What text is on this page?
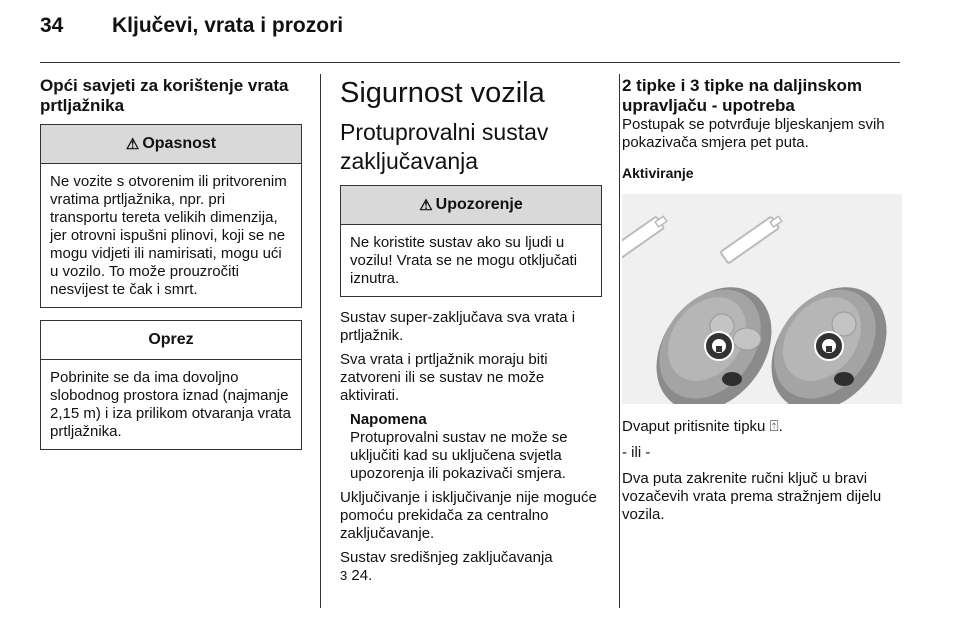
34 Ključevi, vrata i prozori
Opći savjeti za korištenje vrata prtljažnika
⚠ Opasnost
Ne vozite s otvorenim ili pritvorenim vratima prtljažnika, npr. pri transportu tereta velikih dimenzija, jer otrovni ispušni plinovi, koji se ne mogu vidjeti ili namirisati, mogu ući u vozilo. To može prouzročiti nesvijest te čak i smrt.
Oprez
Pobrinite se da ima dovoljno slobodnog prostora iznad (najmanje 2,15 m) i iza prilikom otvaranja vrata prtljažnika.
Sigurnost vozila
Protuprovalni sustav zaključavanja
⚠ Upozorenje
Ne koristite sustav ako su ljudi u vozilu! Vrata se ne mogu otključati iznutra.

Sustav super-zaključava sva vrata i prtljažnik.

Sva vrata i prtljažnik moraju biti zatvoreni ili se sustav ne može aktivirati.

Napomena

Protuprovalni sustav ne može se uključiti kad su uključena svjetla upozorenja ili pokazivači smjera.

Uključivanje i isključivanje nije moguće pomoću prekidača za centralno zaključavanje.

Sustav središnjeg zaključavanja
3 24.

2 tipke i 3 tipke na daljinskom upravljaču - upotreba

Postupak se potvrđuje bljeskanjem svih pokazivača smjera pet puta.

Aktiviranje

Dvaput pritisnite tipku ⍐.

- ili -

Dva puta zakrenite ručni ključ u bravi vozačevih vrata prema stražnjem dijelu vozila.
